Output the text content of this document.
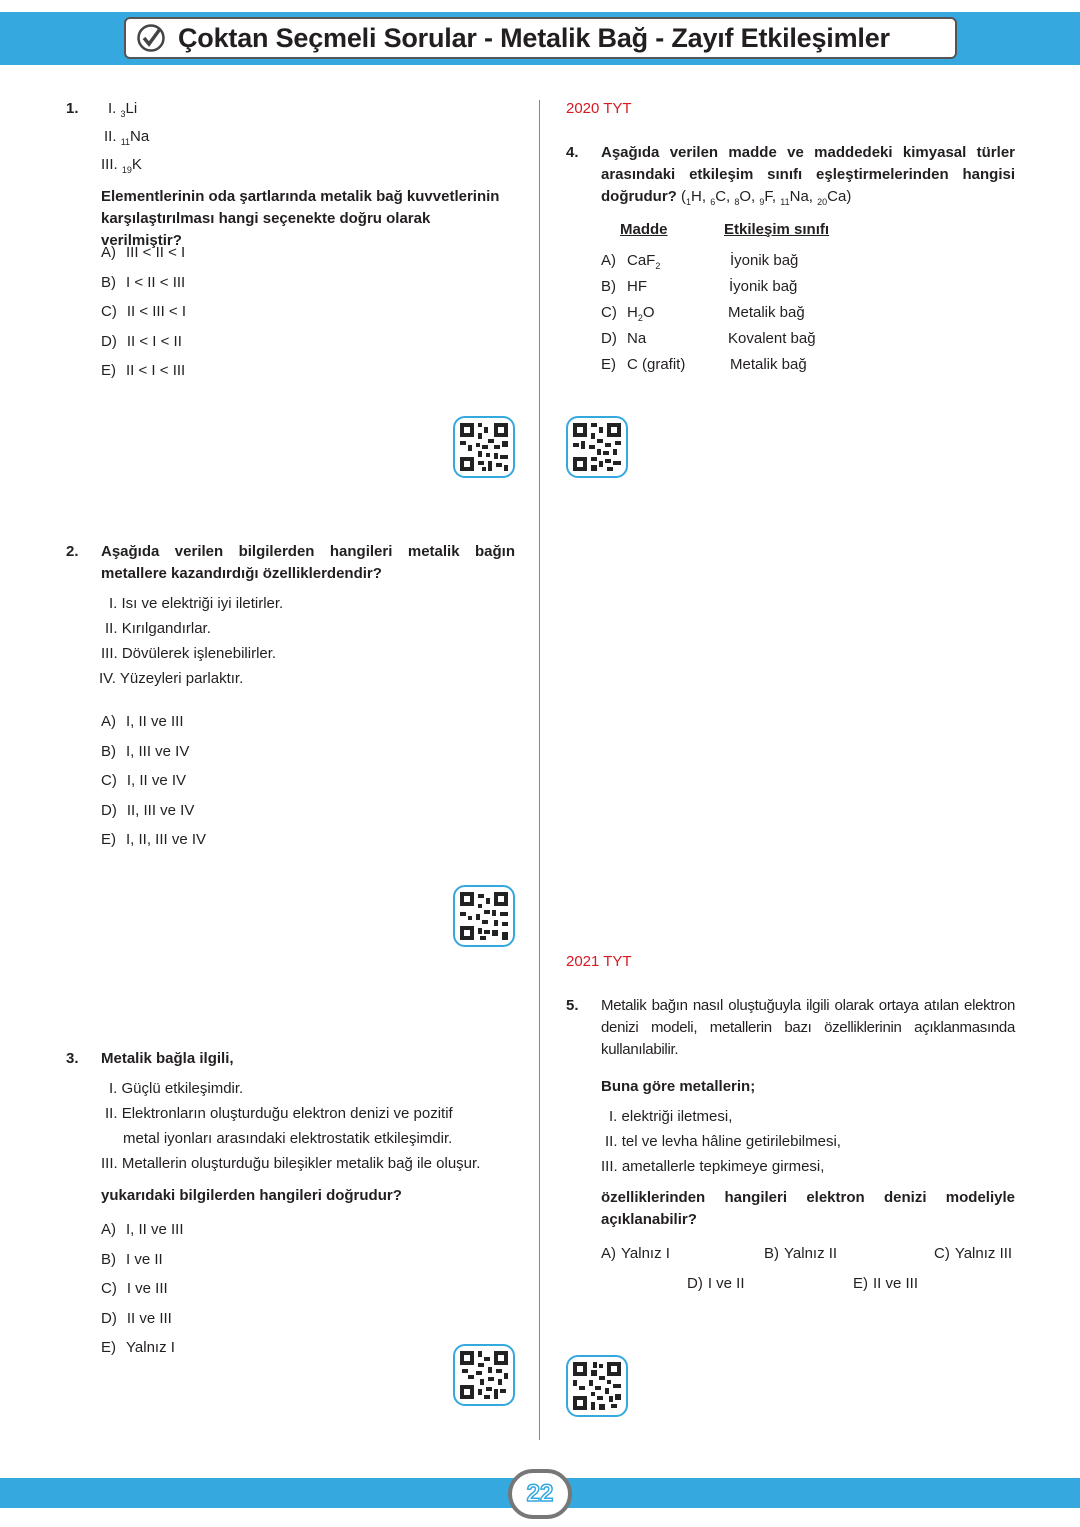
Çoktan Seçmeli Sorular - Metalik Bağ - Zayıf Etkileşimler
1. I. $_3$Li
II. $_{11}$Na
III. $_{19}$K
Elementlerinin oda şartlarında metalik bağ kuvvetlerinin
karşılaştırılması hangi seçenekte doğru olarak verilmiştir?
A) III < II < I
B) I < II < III
C) II < III < I
D) II < I < II
E) II < I < III
2. Aşağıda verilen bilgilerden hangileri metalik bağın
metallere kazandırdığı özelliklerdendir?
I. Isı ve elektriği iyi iletirler.
II. Kırılgandırlar.
III. Dövülerek işlenebilirler.
IV. Yüzeyleri parlaktır.
A) I, II ve III
B) I, III ve IV
C) I, II ve IV
D) II, III ve IV
E) I, II, III ve IV
3. Metalik bağla ilgili,
I. Güçlü etkileşimdir.
II. Elektronların oluşturduğu elektron denizi ve pozitif
metal iyonları arasındaki elektrostatik etkileşimdir.
III. Metallerin oluşturduğu bileşikler metalik bağ ile oluşur.
yukarıdaki bilgilerden hangileri doğrudur?
A) I, II ve III
B) I ve II
C) I ve III
D) II ve III
E) Yalnız I
2020 TYT
4. Aşağıda verilen madde ve maddedeki kimyasal türler
arasındaki etkileşim sınıfı eşleştirmelerinden hangisi
doğrudur? ($_1H$, $_6$C, $_8$O, $_9$F, $_{11}$Na, $_{20}$Ca)
Madde	Etkileşim sınıfı
A) CaF$_2$	İyonik bağ
B) HF	İyonik bağ
C) $H_2O$	Metalik bağ
D) Na	Kovalent bağ
E) C (grafit)	Metalik bağ
2021 TYT
5. Metalik bağın nasıl oluştuğuyla ilgili olarak ortaya atılan elektron
denizi modeli, metallerin bazı özelliklerinin açıklanmasında
kullanılabilir.
Buna göre metallerin;
I. elektriği iletmesi,
II. tel ve levha hâline getirilebilmesi,
III. ametallerle tepkimeye girmesi,
özelliklerinden hangileri elektron denizi modeliyle
açıklanabilir?
A) Yalnız I	B) Yalnız II	C) Yalnız III
D) I ve II	E) II ve III
22
